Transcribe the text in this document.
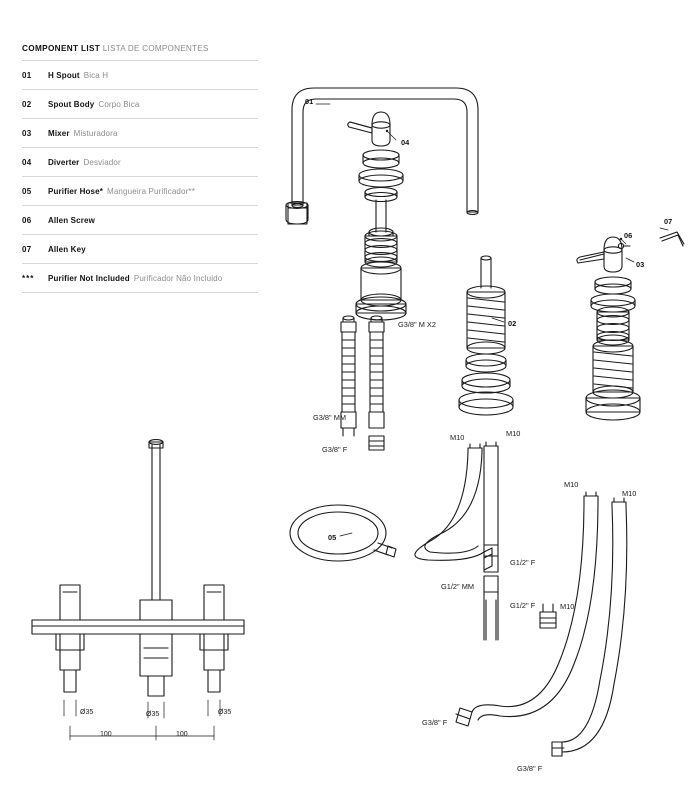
COMPONENT LIST LISTA DE COMPONENTES
01	H Spout Bica H
02	Spout Body Corpo Bica
03	Mixer Misturadora
04	Diverter Desviador
05	Purifier Hose* Mangueira Purificador**
06	Allen Screw
07	Allen Key
***	Purifier Not Included Purificador Não Incluido
01
04
02
05
06
07
03
G3/8" M X2
G3/8" MM
G3/8" F
M10	M10
G1/2" F
G1/2" MM
G1/2" F
M10
M10
M10
G3/8" F
G3/8" F
Ø35	Ø35	Ø35
100	100
